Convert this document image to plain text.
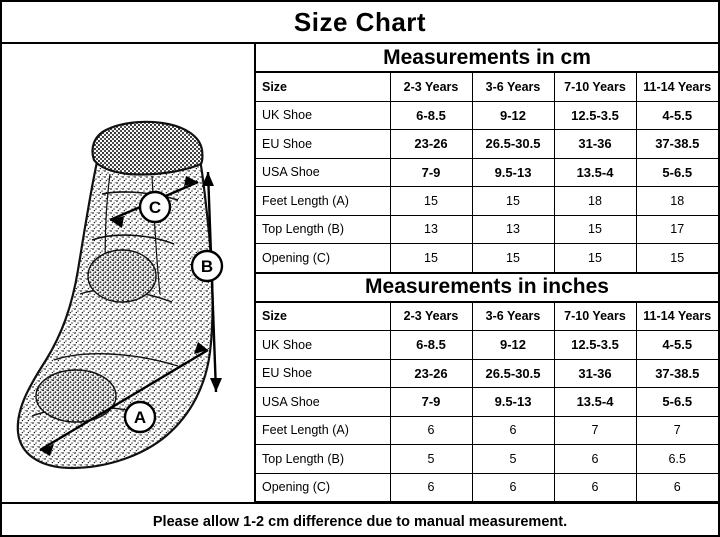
Size Chart
C
B
A
Measurements in cm
Size	2-3 Years	3-6 Years	7-10 Years	11-14 Years
UK Shoe	6-8.5	9-12	12.5-3.5	4-5.5
EU Shoe	23-26	26.5-30.5	31-36	37-38.5
USA Shoe	7-9	9.5-13	13.5-4	5-6.5
Feet Length (A)	15	15	18	18
Top Length (B)	13	13	15	17
Opening (C)	15	15	15	15
Measurements in inches
Size	2-3 Years	3-6 Years	7-10 Years	11-14 Years
UK Shoe	6-8.5	9-12	12.5-3.5	4-5.5
EU Shoe	23-26	26.5-30.5	31-36	37-38.5
USA Shoe	7-9	9.5-13	13.5-4	5-6.5
Feet Length (A)	6	6	7	7
Top Length (B)	5	5	6	6.5
Opening (C)	6	6	6	6
Please allow 1-2 cm difference due to manual measurement.
